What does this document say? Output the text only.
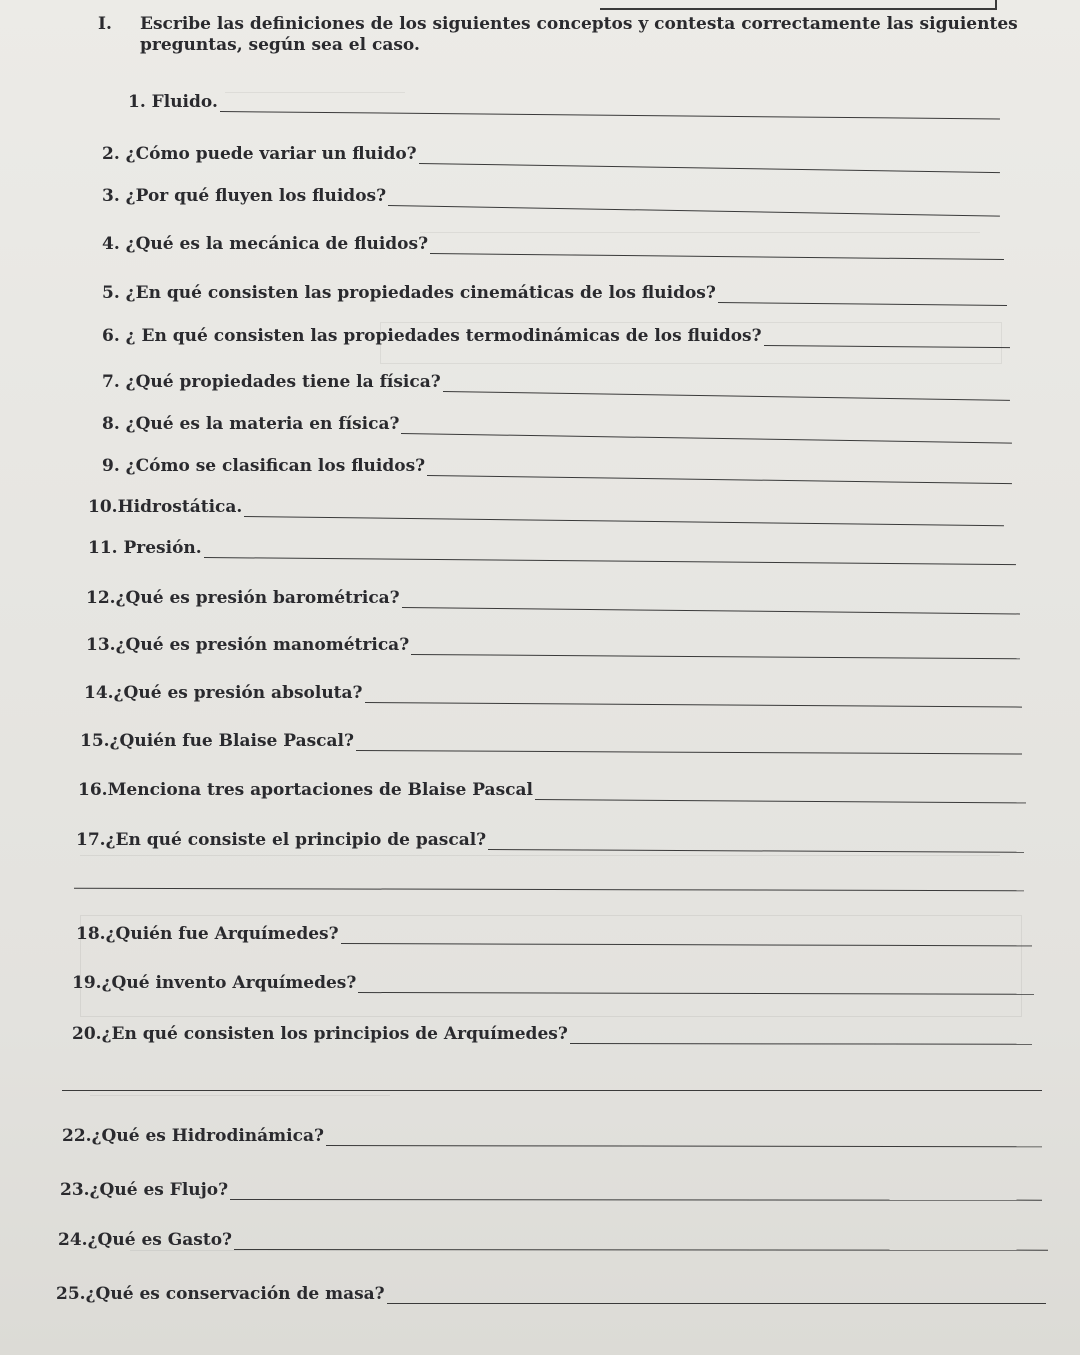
I.	Escribe las definiciones de los siguientes conceptos y contesta correctamente las siguientes preguntas, según sea el caso.
1. Fluido.
2. ¿Cómo puede variar un fluido?
3. ¿Por qué fluyen los fluidos?
4. ¿Qué es la mecánica de fluidos?
5. ¿En qué consisten las propiedades cinemáticas de los fluidos?
6. ¿ En qué consisten las propiedades termodinámicas de los fluidos?
7. ¿Qué propiedades tiene la física?
8. ¿Qué es la materia en física?
9. ¿Cómo se clasifican los fluidos?
10.Hidrostática.
11. Presión.
12.¿Qué es presión barométrica?
13.¿Qué es presión manométrica?
14.¿Qué es presión absoluta?
15.¿Quién fue Blaise Pascal?
16.Menciona tres aportaciones de Blaise Pascal
17.¿En qué consiste el principio de pascal?
18.¿Quién fue Arquímedes?
19.¿Qué invento Arquímedes?
20.¿En qué consisten los principios de Arquímedes?
22.¿Qué es Hidrodinámica?
23.¿Qué es Flujo?
24.¿Qué es Gasto?
25.¿Qué es conservación de masa?
